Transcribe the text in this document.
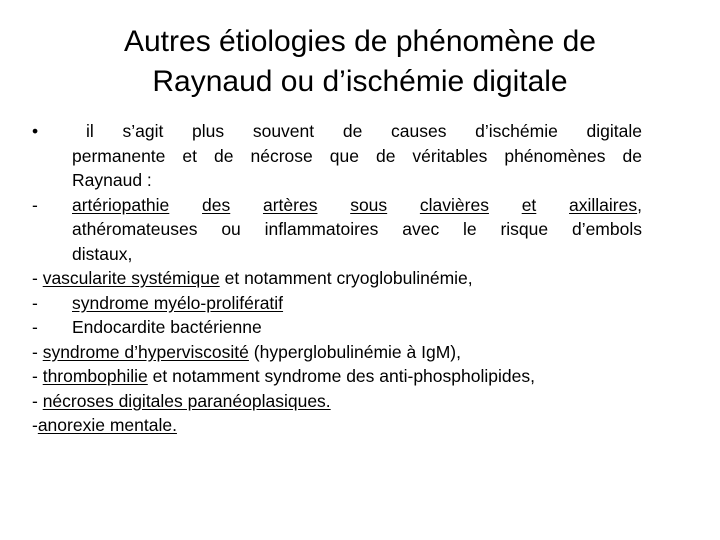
Autres étiologies de phénomène de
Raynaud ou d’ischémie digitale
•	il s’agit plus souvent de causes d’ischémie digitale
permanente et de nécrose que de véritables phénomènes de
Raynaud :
- artériopathie des artères sous clavières et axillaires,
athéromateuses ou inflammatoires avec le risque d’embols
distaux,
- vascularite systémique et notamment cryoglobulinémie,
- syndrome myélo-prolifératif
- Endocardite bactérienne
- syndrome d’hyperviscosité (hyperglobulinémie à IgM),
- thrombophilie et notamment syndrome des anti-phospholipides,
- nécroses digitales paranéoplasiques.
-anorexie mentale.
